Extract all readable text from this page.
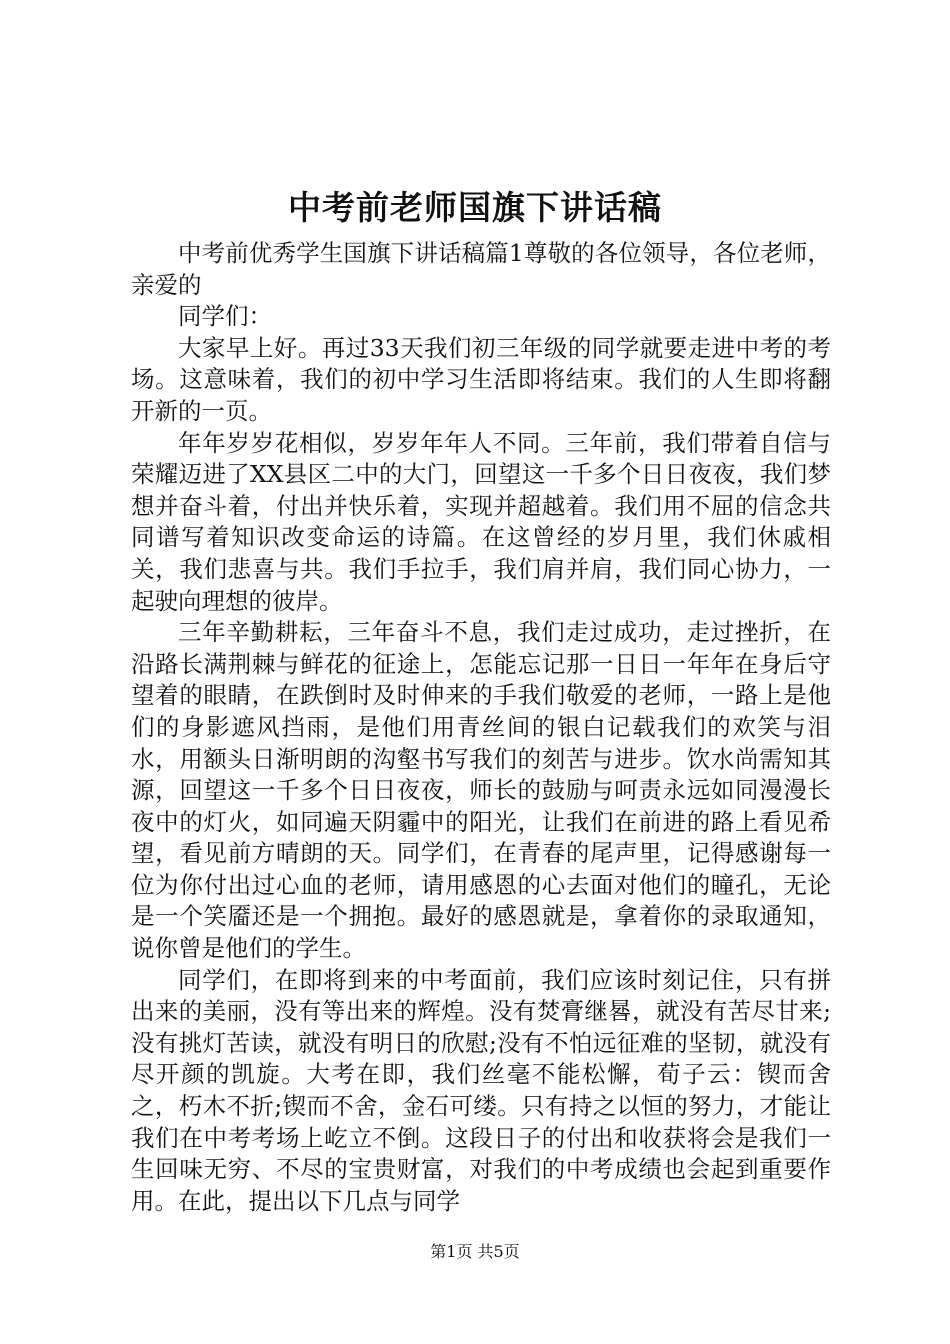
中考前老师国旗下讲话稿

中考前优秀学生国旗下讲话稿篇1尊敬的各位领导，各位老师，亲爱的

同学们：

大家早上好。再过33天我们初三年级的同学就要走进中考的考场。这意味着，我们的初中学习生活即将结束。我们的人生即将翻开新的一页。

年年岁岁花相似，岁岁年年人不同。三年前，我们带着自信与荣耀迈进了XX县区二中的大门，回望这一千多个日日夜夜，我们梦想并奋斗着，付出并快乐着，实现并超越着。我们用不屈的信念共同谱写着知识改变命运的诗篇。在这曾经的岁月里，我们休戚相关，我们悲喜与共。我们手拉手，我们肩并肩，我们同心协力，一起驶向理想的彼岸。

三年辛勤耕耘，三年奋斗不息，我们走过成功，走过挫折，在沿路长满荆棘与鲜花的征途上，怎能忘记那一日日一年年在身后守望着的眼睛，在跌倒时及时伸来的手我们敬爱的老师，一路上是他们的身影遮风挡雨，是他们用青丝间的银白记载我们的欢笑与泪水，用额头日渐明朗的沟壑书写我们的刻苦与进步。饮水尚需知其源，回望这一千多个日日夜夜，师长的鼓励与呵责永远如同漫漫长夜中的灯火，如同遍天阴霾中的阳光，让我们在前进的路上看见希望，看见前方晴朗的天。同学们，在青春的尾声里，记得感谢每一位为你付出过心血的老师，请用感恩的心去面对他们的瞳孔，无论是一个笑靥还是一个拥抱。最好的感恩就是，拿着你的录取通知，说你曾是他们的学生。

同学们，在即将到来的中考面前，我们应该时刻记住，只有拼出来的美丽，没有等出来的辉煌。没有焚膏继晷，就没有苦尽甘来;没有挑灯苦读，就没有明日的欣慰;没有不怕远征难的坚韧，就没有尽开颜的凯旋。大考在即，我们丝毫不能松懈，荀子云：锲而舍之，朽木不折;锲而不舍，金石可缕。只有持之以恒的努力，才能让我们在中考考场上屹立不倒。这段日子的付出和收获将会是我们一生回味无穷、不尽的宝贵财富，对我们的中考成绩也会起到重要作用。在此，提出以下几点与同学

第1页 共5页
